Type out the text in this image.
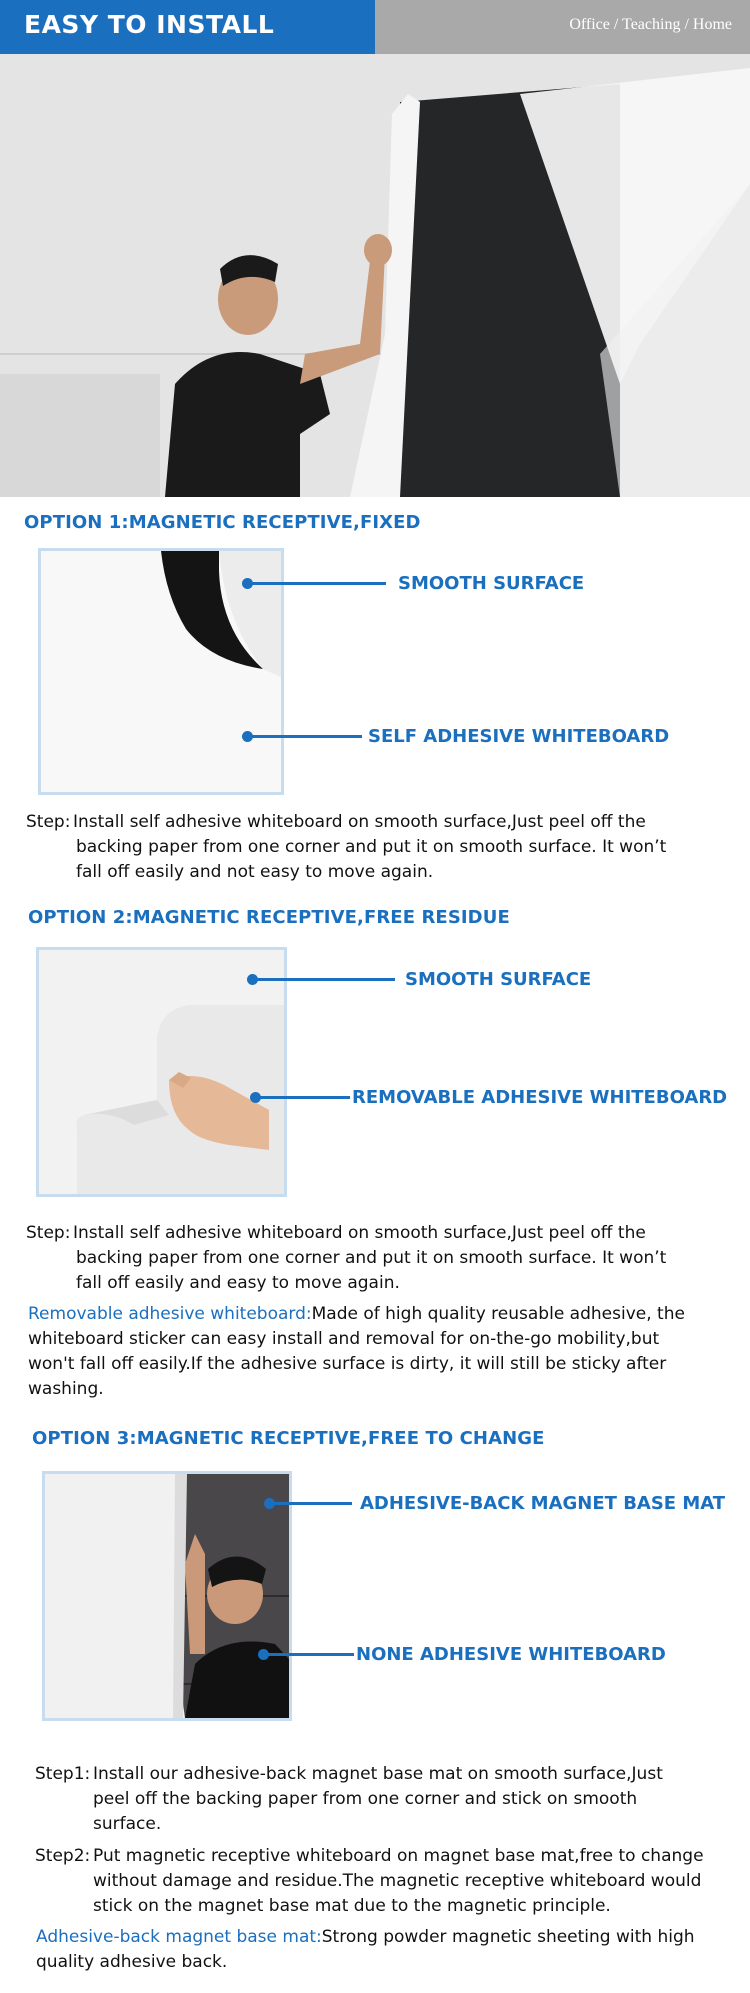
EASY TO INSTALL	Office / Teaching / Home
OPTION 1:MAGNETIC RECEPTIVE,FIXED
SMOOTH SURFACE
SELF ADHESIVE WHITEBOARD
Step: Install self adhesive whiteboard on smooth surface,Just peel off the
backing paper from one corner and put it on smooth surface. It won’t
fall off easily and not easy to move again.
OPTION 2:MAGNETIC RECEPTIVE,FREE RESIDUE
SMOOTH SURFACE
REMOVABLE ADHESIVE WHITEBOARD
Step: Install self adhesive whiteboard on smooth surface,Just peel off the
backing paper from one corner and put it on smooth surface. It won’t
fall off easily and easy to move again.
Removable adhesive whiteboard:Made of high quality reusable adhesive, the
whiteboard sticker can easy install and removal for on-the-go mobility,but
won't fall off easily.If the adhesive surface is dirty, it will still be sticky after
washing.
OPTION 3:MAGNETIC RECEPTIVE,FREE TO CHANGE
ADHESIVE-BACK MAGNET BASE MAT
NONE ADHESIVE WHITEBOARD
Step1: Install our adhesive-back magnet base mat on smooth surface,Just
peel off the backing paper from one corner and stick on smooth
surface.
Step2: Put magnetic receptive whiteboard on magnet base mat,free to change
without damage and residue.The magnetic receptive whiteboard would
stick on the magnet base mat due to the magnetic principle.
Adhesive-back magnet base mat:Strong powder magnetic sheeting with high
quality adhesive back.
